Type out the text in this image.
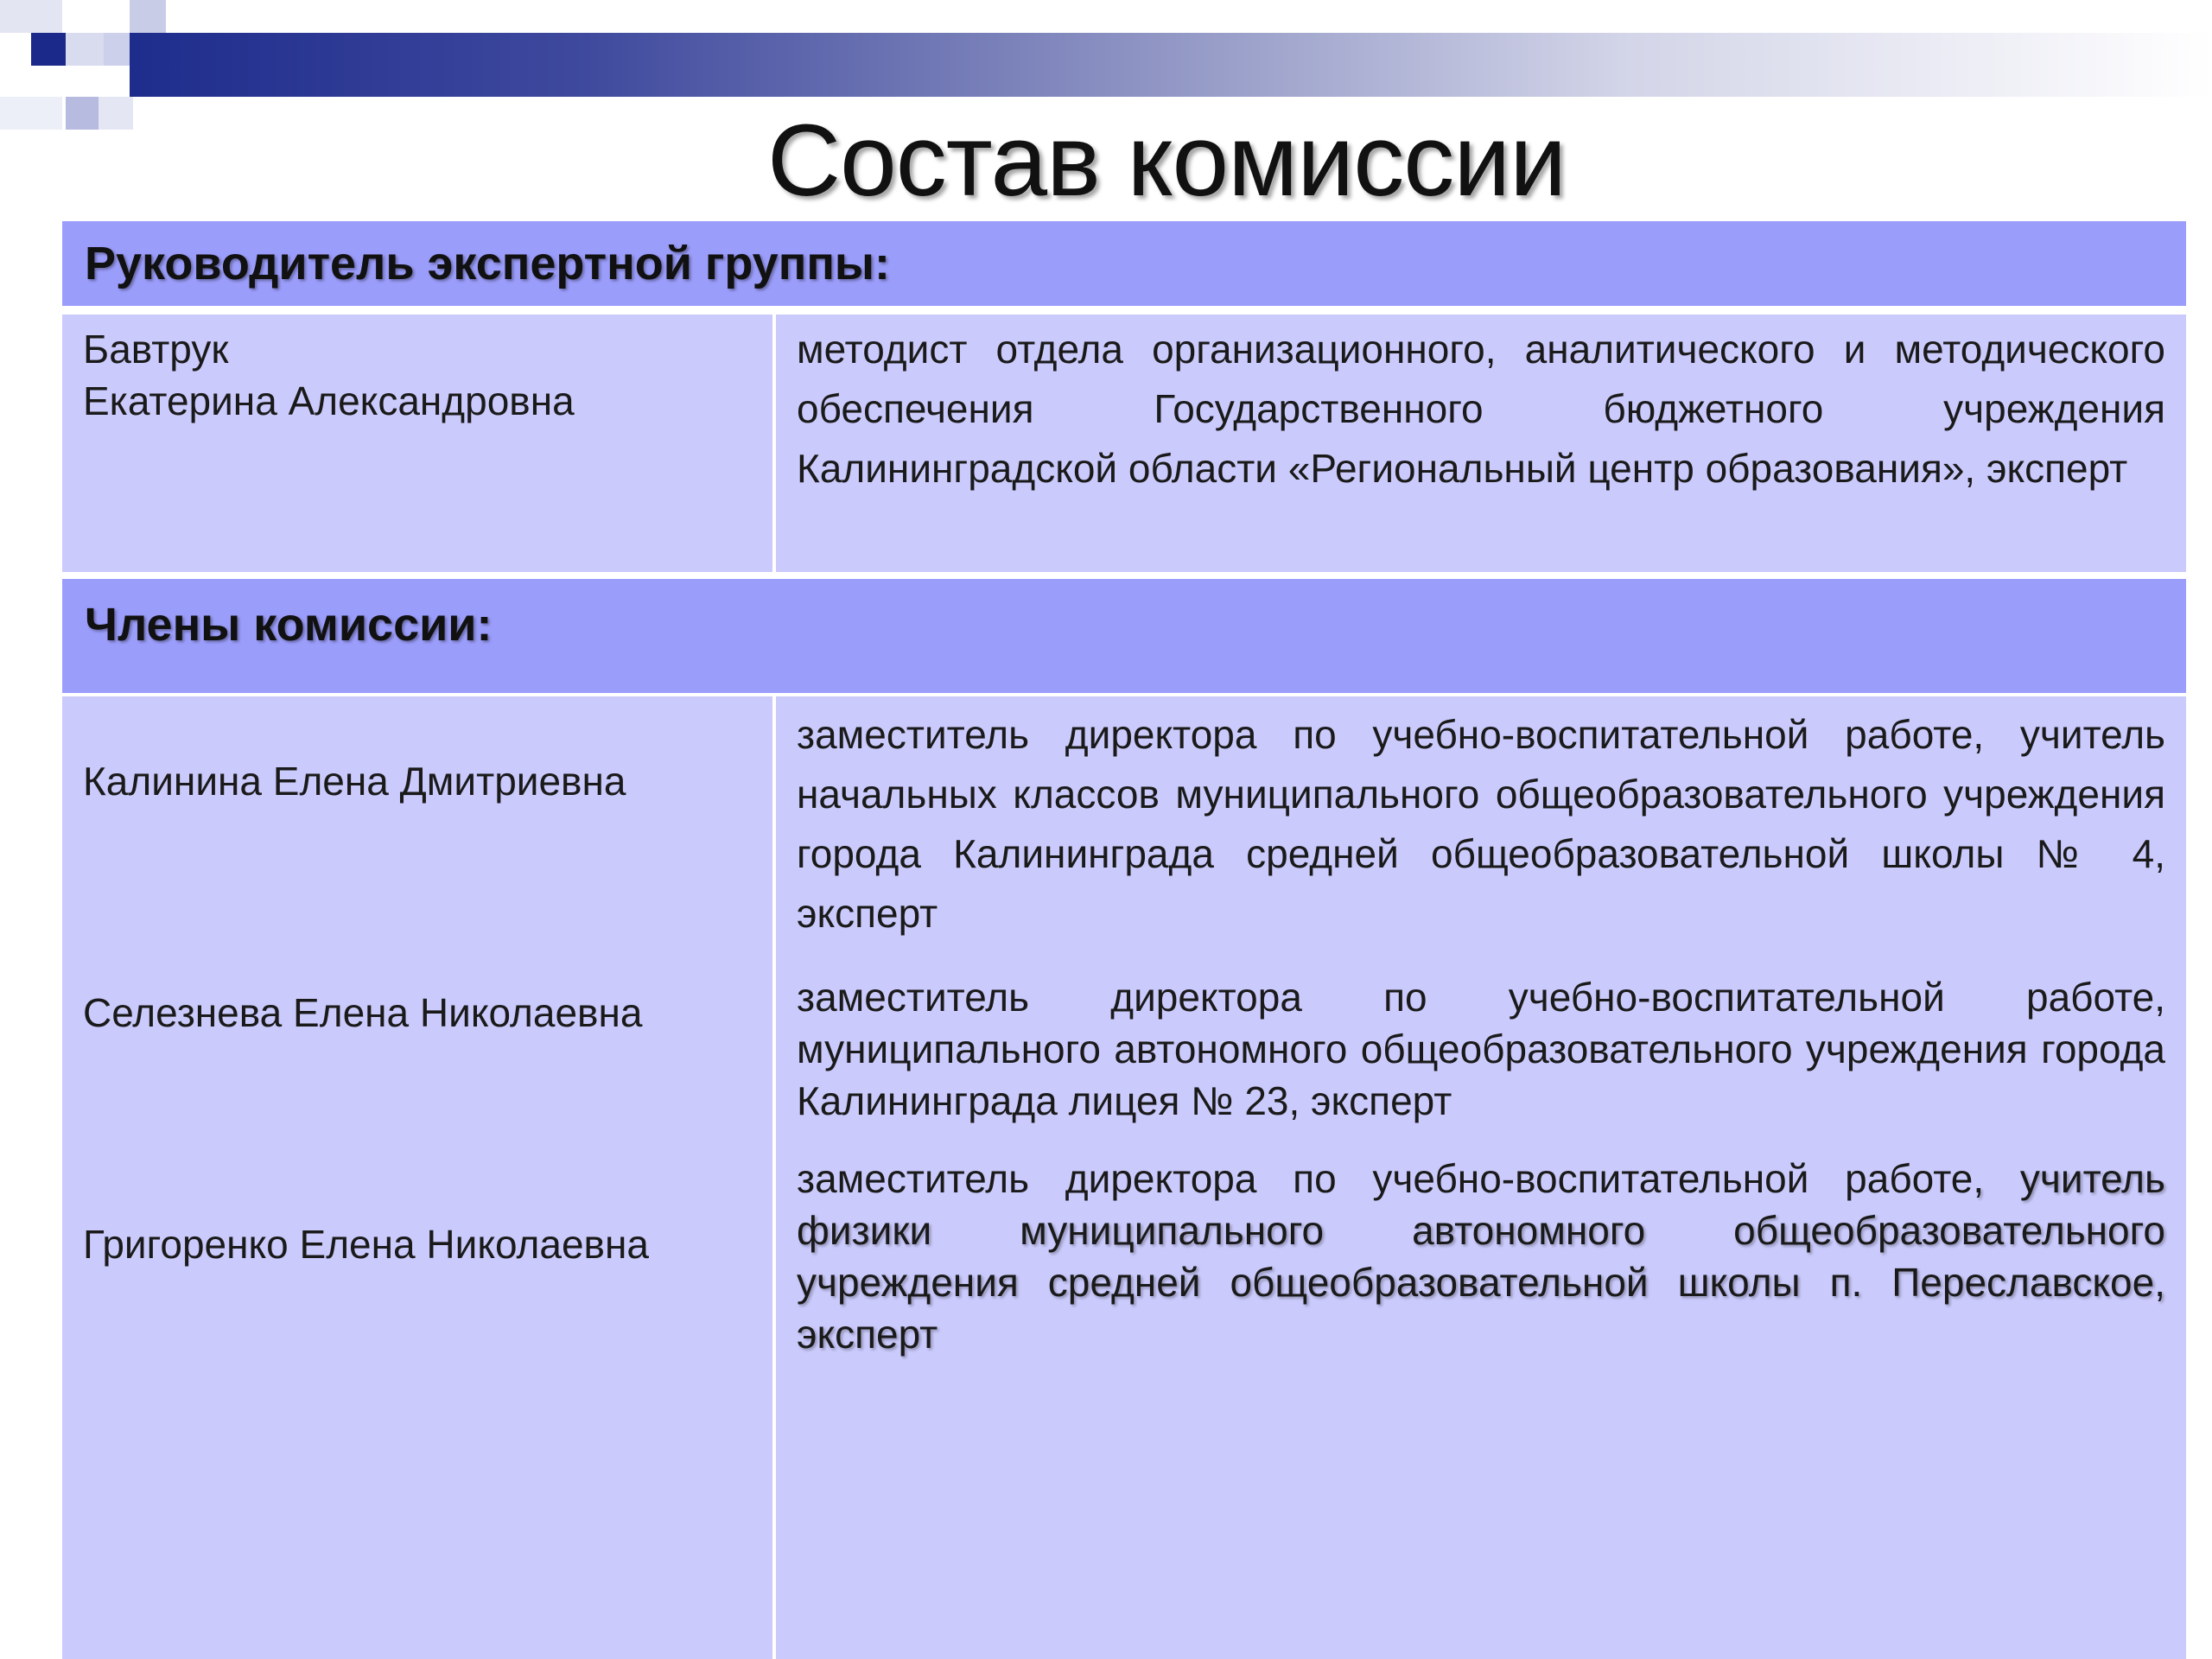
Состав комиссии
Руководитель экспертной группы:
Бавтрук
Екатерина Александровна
методист отдела организационного, аналитического и методического обеспечения Государственного бюджетного учреждения Калининградской области «Региональный центр образования», эксперт
Члены комиссии:
Калинина Елена Дмитриевна
Селезнева Елена Николаевна
Григоренко Елена Николаевна
заместитель директора по учебно-воспитательной работе, учитель начальных классов муниципального общеобразовательного учреждения города Калининграда средней общеобразовательной школы № 4, эксперт
заместитель директора по учебно-воспитательной работе, муниципального автономного общеобразовательного учреждения города Калининграда лицея № 23, эксперт
заместитель директора по учебно-воспитательной работе, учитель физики муниципального автономного общеобразовательного учреждения средней общеобразовательной школы п. Переславское, эксперт
